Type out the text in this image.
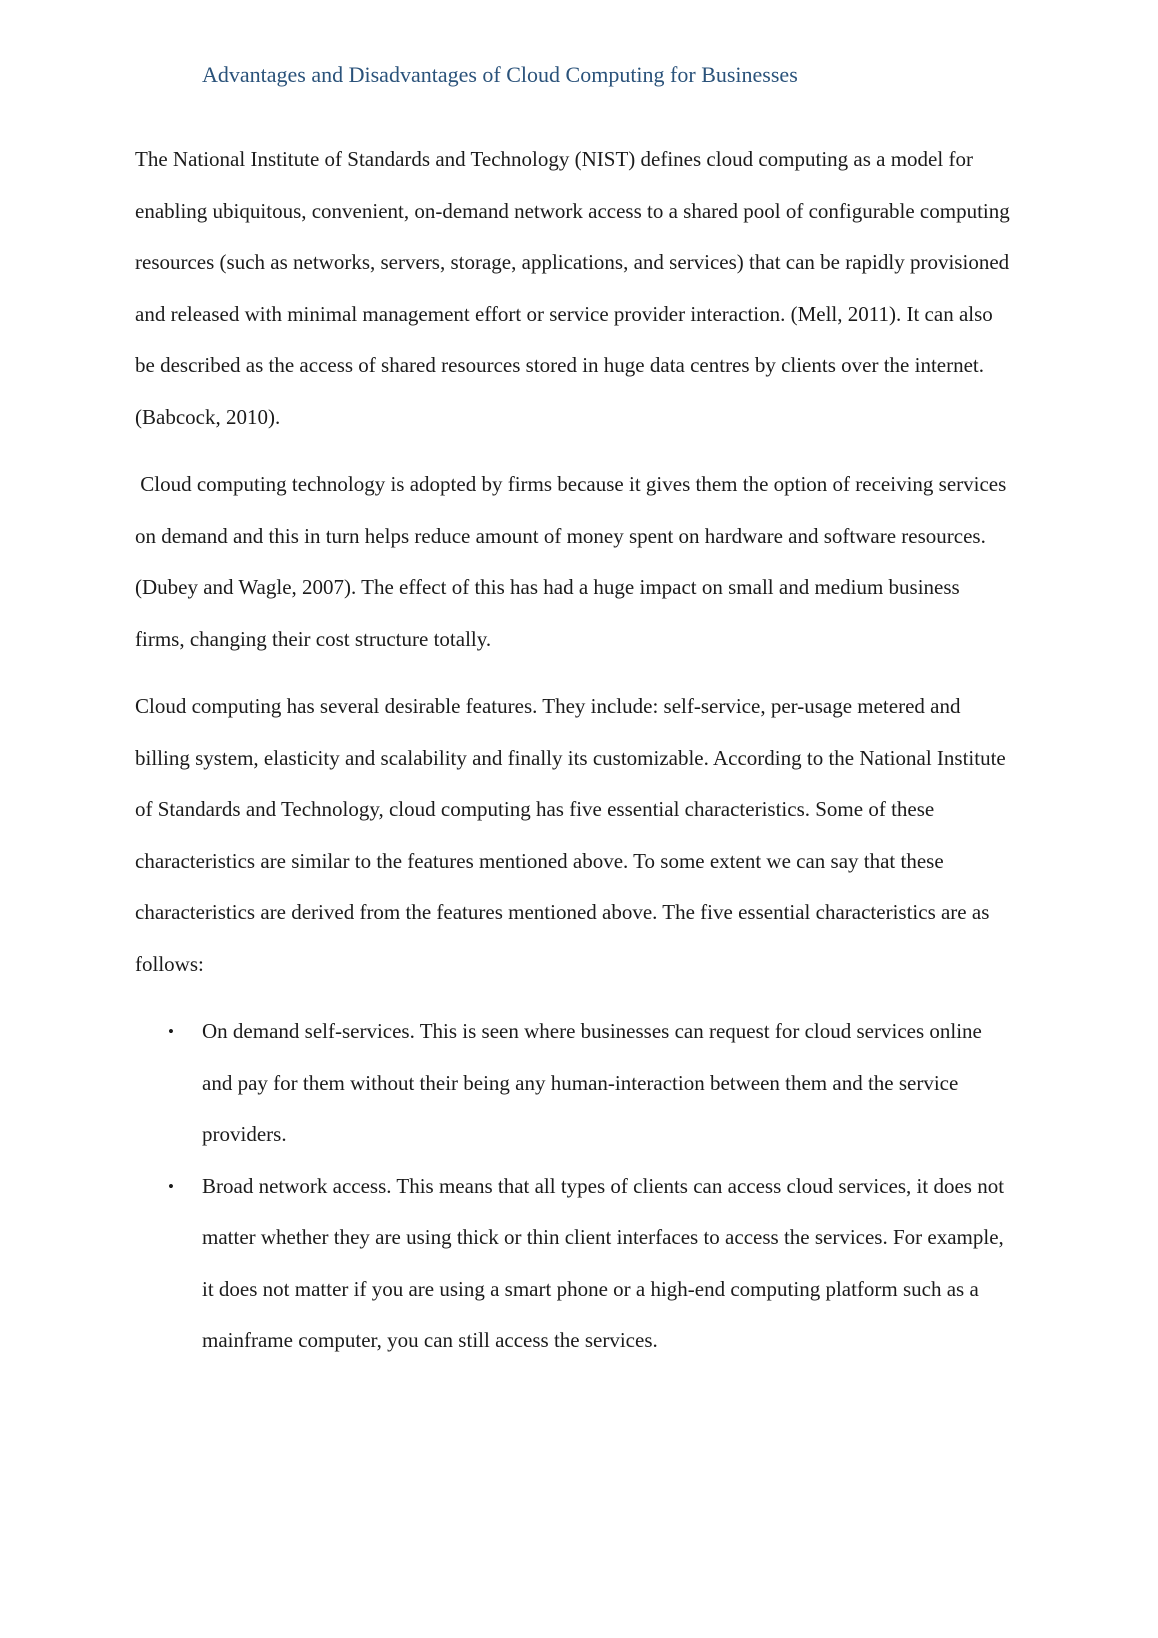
Advantages and Disadvantages of Cloud Computing for Businesses

The National Institute of Standards and Technology (NIST) defines cloud computing as a model for enabling ubiquitous, convenient, on-demand network access to a shared pool of configurable computing resources (such as networks, servers, storage, applications, and services) that can be rapidly provisioned and released with minimal management effort or service provider interaction. (Mell, 2011). It can also be described as the access of shared resources stored in huge data centres by clients over the internet. (Babcock, 2010).

Cloud computing technology is adopted by firms because it gives them the option of receiving services on demand and this in turn helps reduce amount of money spent on hardware and software resources. (Dubey and Wagle, 2007). The effect of this has had a huge impact on small and medium business firms, changing their cost structure totally.

Cloud computing has several desirable features. They include: self-service, per-usage metered and billing system, elasticity and scalability and finally its customizable. According to the National Institute of Standards and Technology, cloud computing has five essential characteristics. Some of these characteristics are similar to the features mentioned above. To some extent we can say that these characteristics are derived from the features mentioned above. The five essential characteristics are as follows:

• On demand self-services. This is seen where businesses can request for cloud services online and pay for them without their being any human-interaction between them and the service providers.
• Broad network access. This means that all types of clients can access cloud services, it does not matter whether they are using thick or thin client interfaces to access the services. For example, it does not matter if you are using a smart phone or a high-end computing platform such as a mainframe computer, you can still access the services.
